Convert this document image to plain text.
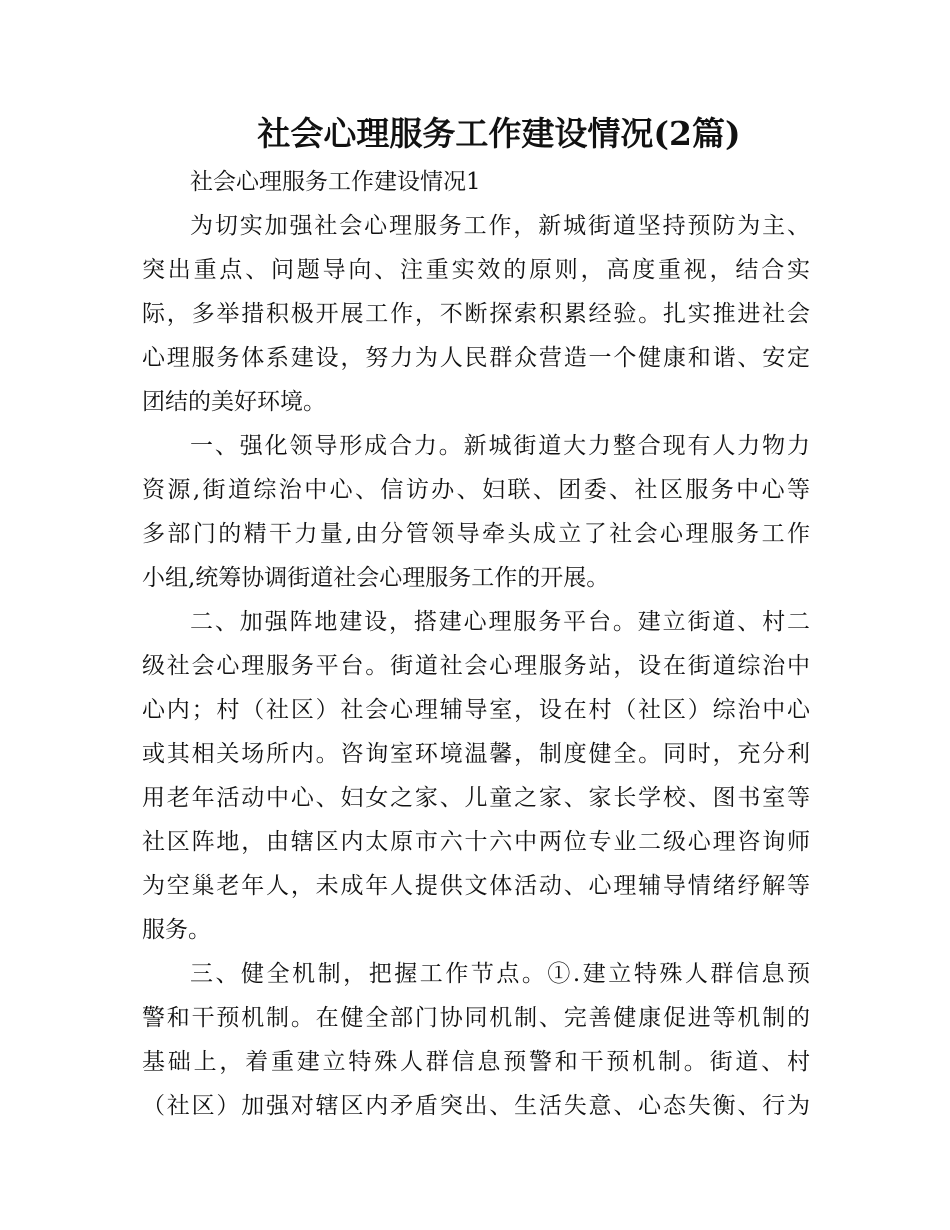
社会心理服务工作建设情况(2篇)
社会心理服务工作建设情况1
为切实加强社会心理服务工作，新城街道坚持预防为主、
突出重点、问题导向、注重实效的原则，高度重视，结合实
际，多举措积极开展工作，不断探索积累经验。扎实推进社会
心理服务体系建设，努力为人民群众营造一个健康和谐、安定
团结的美好环境。
一、强化领导形成合力。新城街道大力整合现有人力物力
资源,街道综治中心、信访办、妇联、团委、社区服务中心等
多部门的精干力量,由分管领导牵头成立了社会心理服务工作
小组,统筹协调街道社会心理服务工作的开展。
二、加强阵地建设，搭建心理服务平台。建立街道、村二
级社会心理服务平台。街道社会心理服务站，设在街道综治中
心内；村（社区）社会心理辅导室，设在村（社区）综治中心
或其相关场所内。咨询室环境温馨，制度健全。同时，充分利
用老年活动中心、妇女之家、儿童之家、家长学校、图书室等
社区阵地，由辖区内太原市六十六中两位专业二级心理咨询师
为空巢老年人，未成年人提供文体活动、心理辅导情绪纾解等
服务。
三、健全机制，把握工作节点。①.建立特殊人群信息预
警和干预机制。在健全部门协同机制、完善健康促进等机制的
基础上，着重建立特殊人群信息预警和干预机制。街道、村
（社区）加强对辖区内矛盾突出、生活失意、心态失衡、行为
